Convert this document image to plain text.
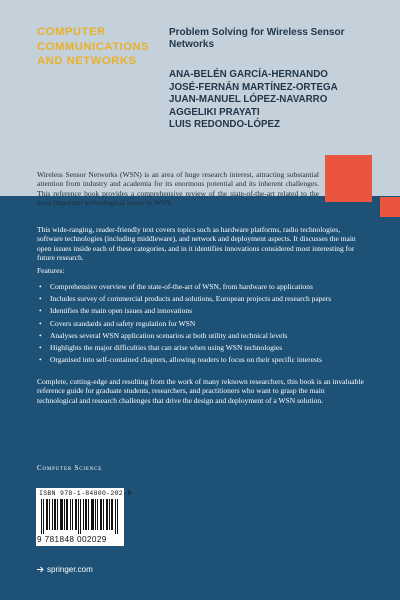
COMPUTER
COMMUNICATIONS
AND NETWORKS

Problem Solving for Wireless Sensor Networks

ANA-BELÉN GARCÍA-HERNANDO
JOSÉ-FERNÁN MARTÍNEZ-ORTEGA
JUAN-MANUEL LÓPEZ-NAVARRO
AGGELIKI PRAYATI
LUIS REDONDO-LÓPEZ

Wireless Sensor Networks (WSN) is an area of huge research interest, attracting substantial attention from industry and academia for its enormous potential and its inherent challenges. This reference book provides a comprehensive review of the state-of-the-art related to the most important technological issues in WSN.

This wide-ranging, reader-friendly text covers topics such as hardware platforms, radio technologies, software technologies (including middleware), and network and deployment aspects. It discusses the main open issues inside each of these categories, and in it identifies innovations considered most interesting for future research.

Features:

• Comprehensive overview of the state-of-the-art of WSN, from hardware to applications
• Includes survey of commercial products and solutions, European projects and research papers
• Identifies the main open issues and innovations
• Covers standards and safety regulation for WSN
• Analyses several WSN application scenarios at both utility and technical levels
• Highlights the major difficulties that can arise when using WSN technologies
• Organised into self-contained chapters, allowing readers to focus on their specific interests

Complete, cutting-edge and resulting from the work of many reknown researchers, this book is an invaluable reference guide for graduate students, researchers, and practitioners who want to grasp the main technological and research challenges that drive the design and deployment of a WSN solution.

Computer Science

ISBN 978-1-84800-202-9
9 781848 002029
springer.com
